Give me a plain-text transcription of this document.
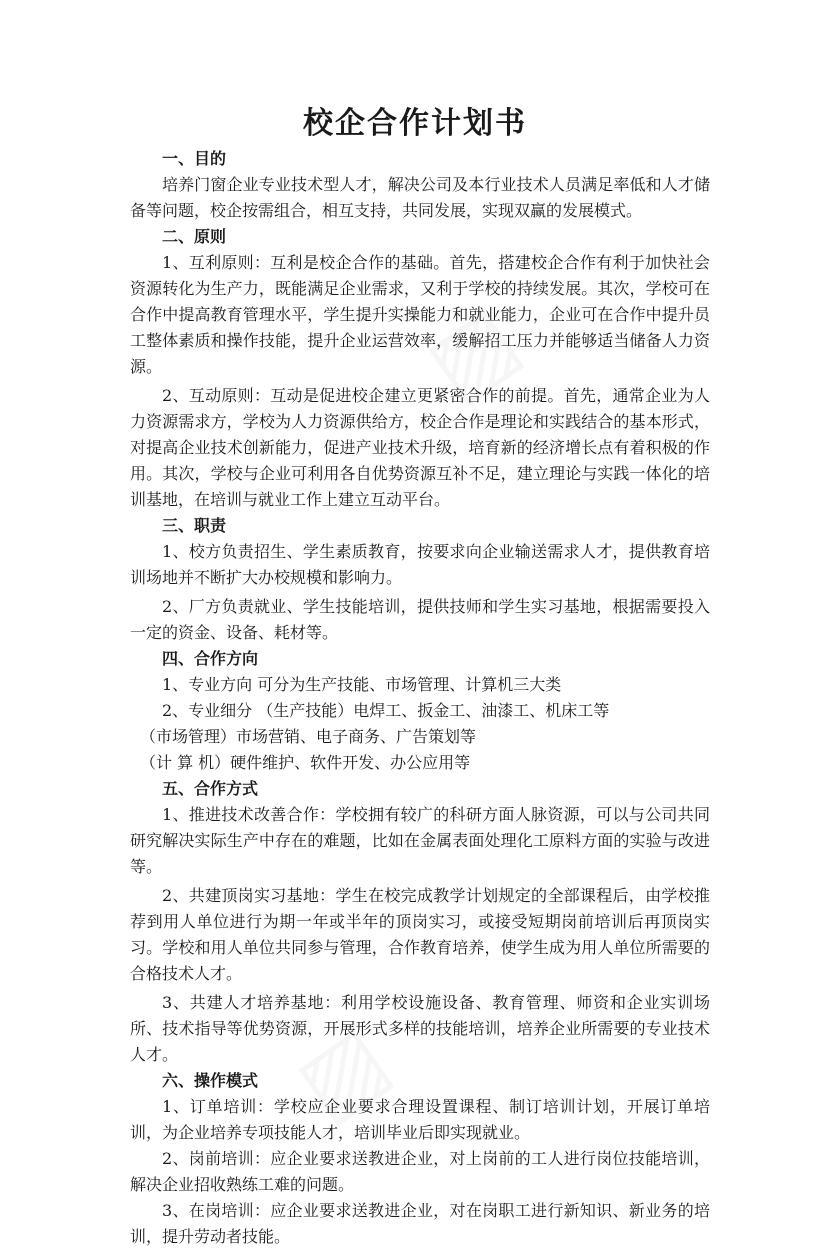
校企合作计划书

一、目的

培养门窗企业专业技术型人才，解决公司及本行业技术人员满足率低和人才储备等问题，校企按需组合，相互支持，共同发展，实现双赢的发展模式。

二、原则

1、互利原则：互利是校企合作的基础。首先，搭建校企合作有利于加快社会资源转化为生产力，既能满足企业需求，又利于学校的持续发展。其次，学校可在合作中提高教育管理水平，学生提升实操能力和就业能力，企业可在合作中提升员工整体素质和操作技能，提升企业运营效率，缓解招工压力并能够适当储备人力资源。

2、互动原则：互动是促进校企建立更紧密合作的前提。首先，通常企业为人力资源需求方，学校为人力资源供给方，校企合作是理论和实践结合的基本形式，对提高企业技术创新能力，促进产业技术升级，培育新的经济增长点有着积极的作用。其次，学校与企业可利用各自优势资源互补不足，建立理论与实践一体化的培训基地，在培训与就业工作上建立互动平台。

三、职责

1、校方负责招生、学生素质教育，按要求向企业输送需求人才，提供教育培训场地并不断扩大办校规模和影响力。

2、厂方负责就业、学生技能培训，提供技师和学生实习基地，根据需要投入一定的资金、设备、耗材等。

四、合作方向

1、专业方向 可分为生产技能、市场管理、计算机三大类

2、专业细分 （生产技能）电焊工、扳金工、油漆工、机床工等

（市场管理）市场营销、电子商务、广告策划等

（计 算 机）硬件维护、软件开发、办公应用等

五、合作方式

1、推进技术改善合作：学校拥有较广的科研方面人脉资源，可以与公司共同研究解决实际生产中存在的难题，比如在金属表面处理化工原料方面的实验与改进等。

2、共建顶岗实习基地：学生在校完成教学计划规定的全部课程后，由学校推荐到用人单位进行为期一年或半年的顶岗实习，或接受短期岗前培训后再顶岗实习。学校和用人单位共同参与管理，合作教育培养，使学生成为用人单位所需要的合格技术人才。

3、共建人才培养基地：利用学校设施设备、教育管理、师资和企业实训场所、技术指导等优势资源，开展形式多样的技能培训，培养企业所需要的专业技术人才。

六、操作模式

1、订单培训：学校应企业要求合理设置课程、制订培训计划，开展订单培训，为企业培养专项技能人才，培训毕业后即实现就业。

2、岗前培训：应企业要求送教进企业，对上岗前的工人进行岗位技能培训，解决企业招收熟练工难的问题。

3、在岗培训：应企业要求送教进企业，对在岗职工进行新知识、新业务的培训，提升劳动者技能。
